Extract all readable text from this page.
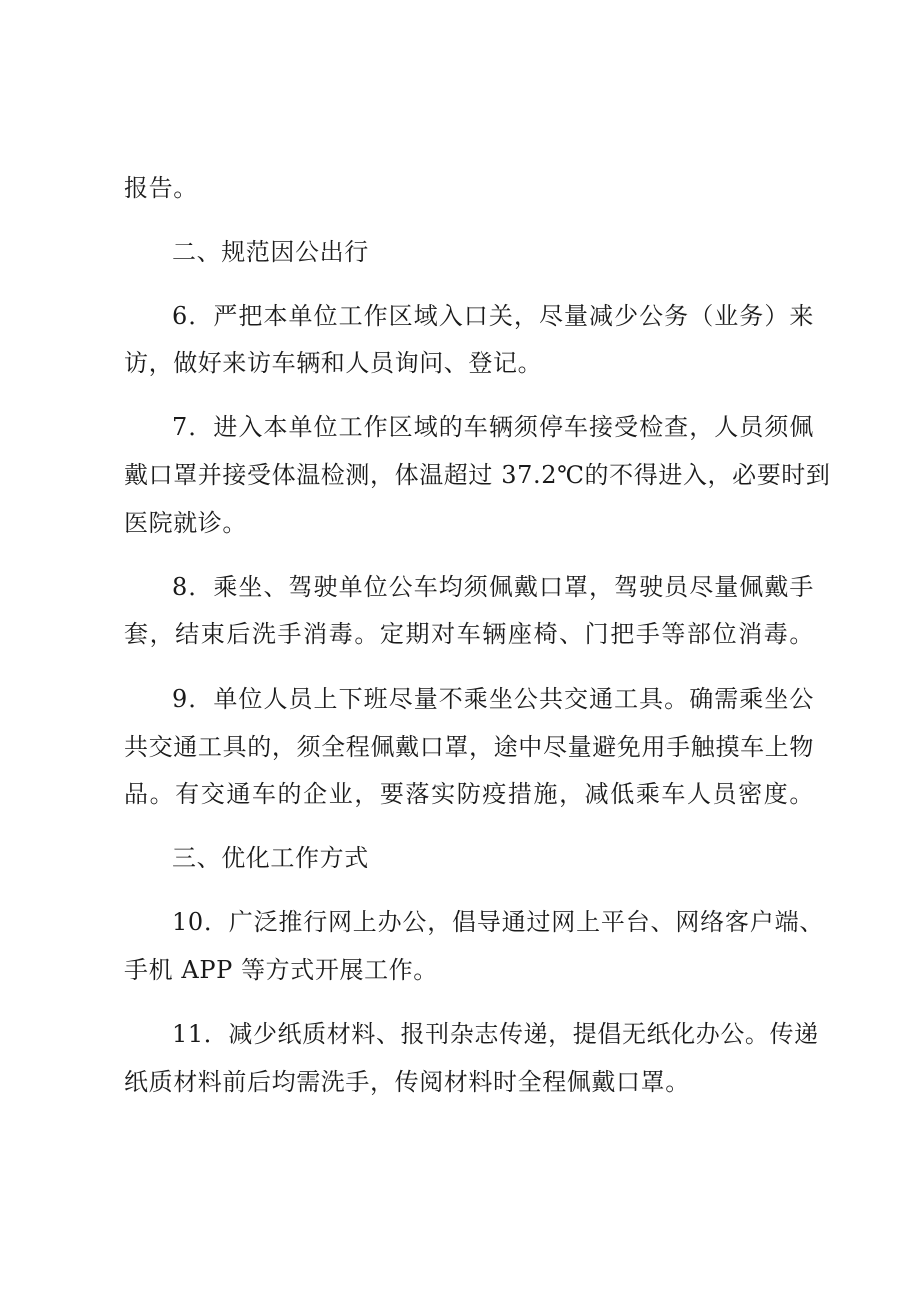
报告。
二、规范因公出行
6．严把本单位工作区域入口关，尽量减少公务（业务）来
访，做好来访车辆和人员询问、登记。
7．进入本单位工作区域的车辆须停车接受检查，人员须佩
戴口罩并接受体温检测，体温超过 37.2℃的不得进入，必要时到
医院就诊。
8．乘坐、驾驶单位公车均须佩戴口罩，驾驶员尽量佩戴手
套，结束后洗手消毒。定期对车辆座椅、门把手等部位消毒。
9．单位人员上下班尽量不乘坐公共交通工具。确需乘坐公
共交通工具的，须全程佩戴口罩，途中尽量避免用手触摸车上物
品。有交通车的企业，要落实防疫措施，减低乘车人员密度。
三、优化工作方式
10．广泛推行网上办公，倡导通过网上平台、网络客户端、
手机 APP 等方式开展工作。
11．减少纸质材料、报刊杂志传递，提倡无纸化办公。传递
纸质材料前后均需洗手，传阅材料时全程佩戴口罩。
